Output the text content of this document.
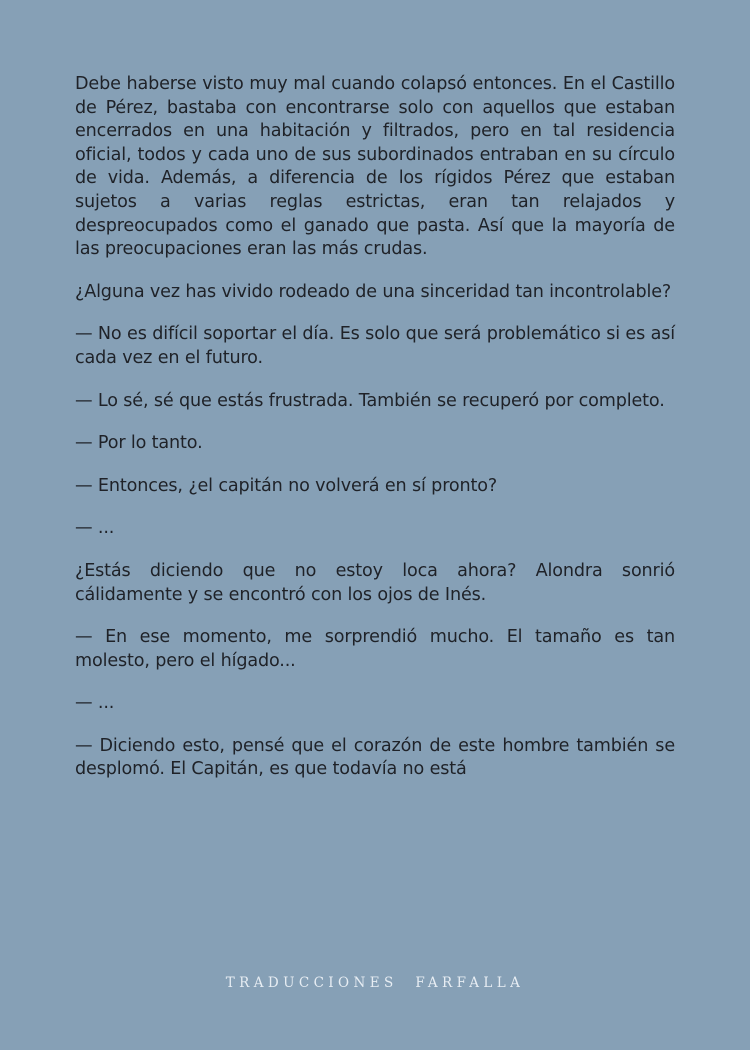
Debe haberse visto muy mal cuando colapsó entonces. En el Castillo de Pérez, bastaba con encontrarse solo con aquellos que estaban encerrados en una habitación y filtrados, pero en tal residencia oficial, todos y cada uno de sus subordinados entraban en su círculo de vida. Además, a diferencia de los rígidos Pérez que estaban sujetos a varias reglas estrictas, eran tan relajados y despreocupados como el ganado que pasta. Así que la mayoría de las preocupaciones eran las más crudas.

¿Alguna vez has vivido rodeado de una sinceridad tan incontrolable?

— No es difícil soportar el día. Es solo que será problemático si es así cada vez en el futuro.

— Lo sé, sé que estás frustrada. También se recuperó por completo.

— Por lo tanto.

— Entonces, ¿el capitán no volverá en sí pronto?

— ...

¿Estás diciendo que no estoy loca ahora? Alondra sonrió cálidamente y se encontró con los ojos de Inés.

— En ese momento, me sorprendió mucho. El tamaño es tan molesto, pero el hígado...

— ...

— Diciendo esto, pensé que el corazón de este hombre también se desplomó. El Capitán, es que todavía no está

TRADUCCIONES FARFALLA
